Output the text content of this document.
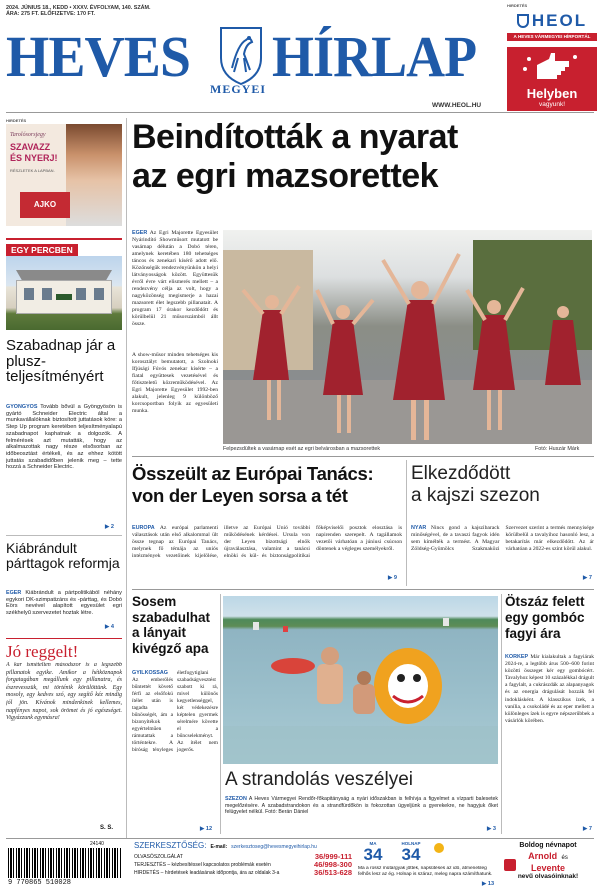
2024. JÚNIUS 18., KEDD • XXXV. ÉVFOLYAM, 140. SZÁM.
ÁRA: 275 FT. ELŐFIZETVE: 170 FT.
HEVES HÍRLAP
MEGYEI
WWW.HEOL.HU
HIRDETÉS
HEOL
A HEVES VÁRMEGYEI HÍRPORTÁL
Helyben
vagyunk!
HIRDETÉS
Tarolósorsjegy
SZAVAZZ
ÉS NYERJ!
RÉSZLETEK A LAPBAN.
AJKO
EGY PERCBEN
Szabadnap jár a plusz-teljesítményért
GYÖNGYÖS Tovább bővül a Gyöngyösön is gyártó Schneider Electric által a munkavállalóknak biztosított juttatások köre: a Step Up program keretében teljesítményalapú szabadnapot kaphatnak a dolgozók. A felmérések azt mutatták, hogy az alkalmazottak nagy része elsősorban az időbeosztást értékeli, és az ehhez kötött juttatás szabadidőben jelenik meg – tette hozzá a Schneider Electric.
▶ 2
Kiábrándult párttagok reformja
EGER Kiábrándult a pártpolitikából néhány egykori DK-szimpatizáns és -párttag, és Dobó Eörs nevével alapított egyesület egri székhelyű szervezetet hoztak létre.
▶ 4
Jó reggelt!
A kar ismételten másodszor is a legszebb pillanatok egyike. Amikor a hétköznapok forgatagában megállunk egy pillanatra, és észrevesszük, mi történik körülöttünk. Egy mosoly, egy kedves szó, egy segítő kéz mindig jól jön. Kívánok mindenkinek kellemes, napfényes napot, sok örömet és jó egészséget. Vigyázzunk egymásra!
S. S.
Beindították a nyarat
az egri mazsorettek
EGER Az Egri Majorette Egyesület Nyárindító Showműsort mutatott be vasárnap délután a Dobó téren, amelynek keretében 180 tehetséges táncos és zenekari kísérő adott elő. Közönségük rendezvényünkön a helyi látványosságok között. Együttesük évről évre várt elismerés mellett – a rendezvény célja az volt, hogy a nagyközönség megismerje a hazai mazsorett élet legszebb pillanatait. A program 17 órakor kezdődött és körülbelül 21 műsorszámból állt össze.
A show-műsor minden tehetséges kis korosztályt bemutatott, a Szolnoki Ifjúsági Fúvós zenekar kísérte – a fiatal együttesek vezetésével és főtiszteletű közreműködésével. Az Egri Majorette Egyesület 1992-ben alakult, jelenleg 9 különböző korcsoportban folyik az egyesületi munka.
Felpezsdültek a vasárnap esét az egri belvárosban a mazsorettek	Fotó: Huszár Márk
Összeült az Európai Tanács:
von der Leyen sorsa a tét
EURÓPA Az európai parlamenti választások után első alkalommal ült össze tegnap az Európai Tanács, melynek fő témája az uniós intézmények vezetőinek kijelölése, illetve az Európai Unió további működésének kérdései. Ursula von der Leyen bizottsági elnök újraválasztása, valamint a tanácsi elnöki és kül- és biztonságpolitikai főképviselői posztok elosztása is napirenden szerepelt. A tagállamok vezetői várhatóan a júniusi csúcson döntenek a végleges személyekről.
▶ 9
Elkezdődött
a kajszi szezon
NYÁR Nincs gond a kajszibarack minőségével, de a tavaszi fagyok idén sem kímélték a termést. A Magyar Zöldség-Gyümölcs Szakmaközi Szervezet szerint a termés mennyisége körülbelül a tavalyihoz hasonló lesz, a betakarítás már elkezdődött. Az ár várhatóan a 2022-es szint körül alakul.
▶ 7
Sosem szabadulhat a lányait kivégző apa
GYILKOSSÁG Az emberölés bűntettét követő férfi az elsőfokú ítélet után is tagadta bűnösségét, ám a bizonyítékok egyértelműen rámutattak a történtekre. A bíróság tényleges életfogytiglani szabadságvesztést szabott ki rá, mivel különös kegyetlenséggel, két védekezésre képtelen gyermek sérelmére követte el a bűncselekményt. Az ítélet nem jogerős.
▶ 12
A strandolás veszélyei
SZEZON A Heves Vármegyei Rendőr-főkapitányság a nyári időszakban is felhívja a figyelmet a vízparti balesetek megelőzésére. A szabadstrandokon és a strandfürdőkön is fokozottan ügyeljünk a gyerekekre, ne hagyjuk őket felügyelet nélkül. Fotó: Berán Dániel
▶ 3
Ötszáz felett egy gombóc fagyi ára
KÖRKÉP Már kialakultak a fagyiárak 2024-re, a legtöbb árus 500–600 forint közötti összeget kér egy gombócért. Tavalyhoz képest 10 százalékkal drágult a fagylalt, a cukrászdák az alapanyagok és az energia drágulását hozzák fel indoklásként. A klasszikus ízek, a vanília, a csokoládé és az eper mellett a különleges ízek is egyre népszerűbbek a vásárlók körében.
▶ 7
24140
9 770865 510028
SZERKESZTŐSÉG: E-mail: szerkesztoseg@hevesmegyeihirlap.hu
OLVASÓSZOLGÁLAT	36/999-111
TERJESZTÉS – kézbesítéssel kapcsolatos problémák esetén	46/998-300
HIRDETÉS – hírdetések leadásának időpontja, ára az oldalak 3-a	36/513-628
MA
34
HOLNAP
34
Ma a rossz műtárgyak jöttek, napsütéses az idő, átmenetileg felhős lesz az ég. Holnap is száraz, meleg napra számíthatunk.
▶ 13
Boldog névnapot
Arnold és
Levente
nevű olvasóinknak!
